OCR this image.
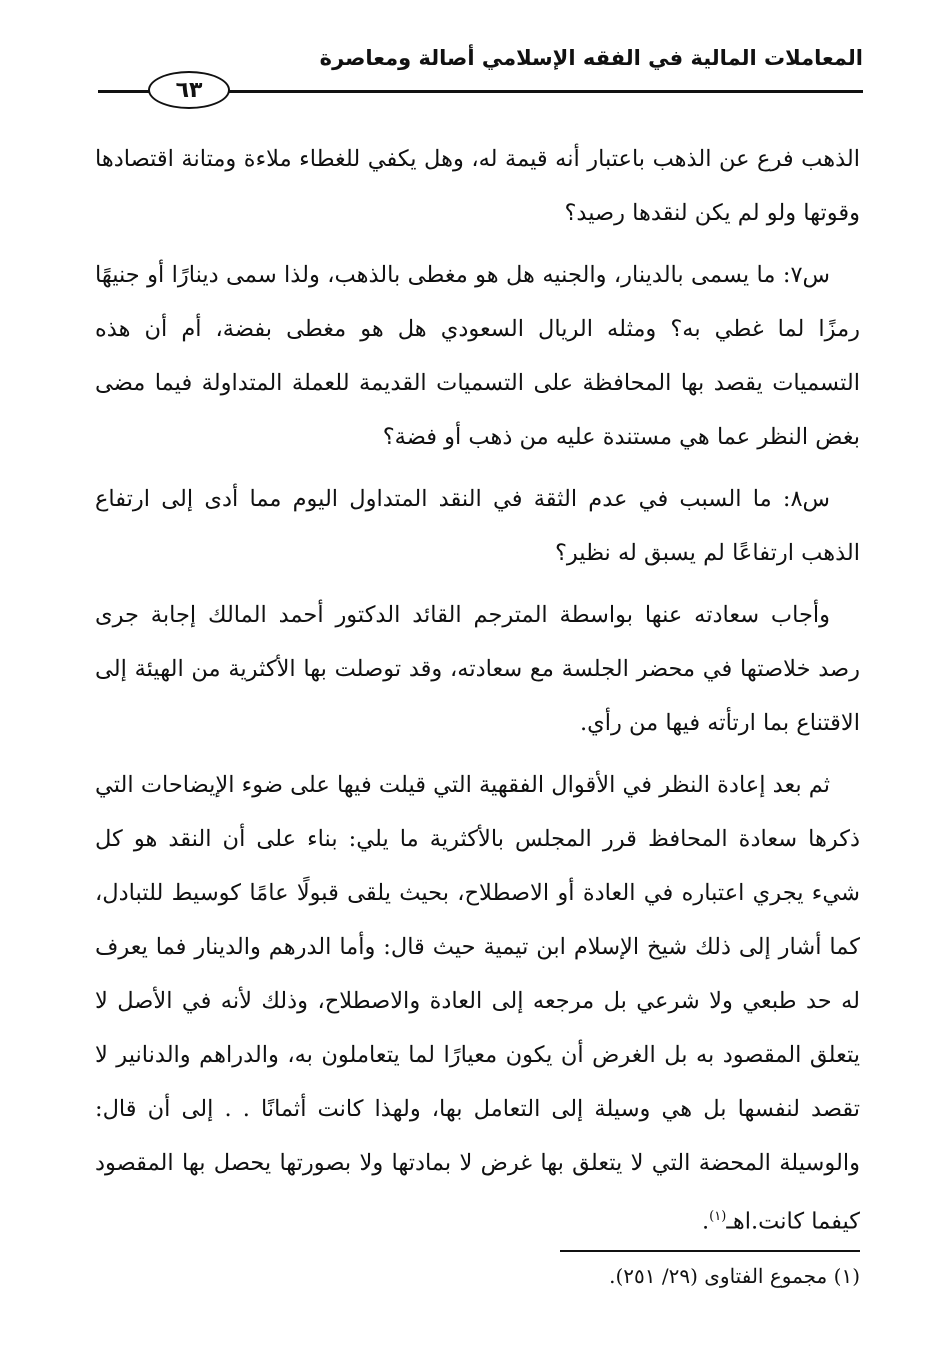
المعاملات المالية في الفقه الإسلامي أصالة ومعاصرة
٦٣

الذهب فرع عن الذهب باعتبار أنه قيمة له، وهل يكفي للغطاء ملاءة ومتانة اقتصادها وقوتها ولو لم يكن لنقدها رصيد؟

س٧: ما يسمى بالدينار، والجنيه هل هو مغطى بالذهب، ولذا سمى دينارًا أو جنيهًا رمزًا لما غطي به؟ ومثله الريال السعودي هل هو مغطى بفضة، أم أن هذه التسميات يقصد بها المحافظة على التسميات القديمة للعملة المتداولة فيما مضى بغض النظر عما هي مستندة عليه من ذهب أو فضة؟

س٨: ما السبب في عدم الثقة في النقد المتداول اليوم مما أدى إلى ارتفاع الذهب ارتفاعًا لم يسبق له نظير؟

وأجاب سعادته عنها بواسطة المترجم القائد الدكتور أحمد المالك إجابة جرى رصد خلاصتها في محضر الجلسة مع سعادته، وقد توصلت بها الأكثرية من الهيئة إلى الاقتناع بما ارتأته فيها من رأي.

ثم بعد إعادة النظر في الأقوال الفقهية التي قيلت فيها على ضوء الإيضاحات التي ذكرها سعادة المحافظ قرر المجلس بالأكثرية ما يلي: بناء على أن النقد هو كل شيء يجري اعتباره في العادة أو الاصطلاح، بحيث يلقى قبولًا عامًا كوسيط للتبادل، كما أشار إلى ذلك شيخ الإسلام ابن تيمية حيث قال: وأما الدرهم والدينار فما يعرف له حد طبعي ولا شرعي بل مرجعه إلى العادة والاصطلاح، وذلك لأنه في الأصل لا يتعلق المقصود به بل الغرض أن يكون معيارًا لما يتعاملون به، والدراهم والدنانير لا تقصد لنفسها بل هي وسيلة إلى التعامل بها، ولهذا كانت أثمانًا . . إلى أن قال: والوسيلة المحضة التي لا يتعلق بها غرض لا بمادتها ولا بصورتها يحصل بها المقصود كيفما كانت.اهـ$^{(١)}$.

(١) مجموع الفتاوى (٢٩/ ٢٥١).
